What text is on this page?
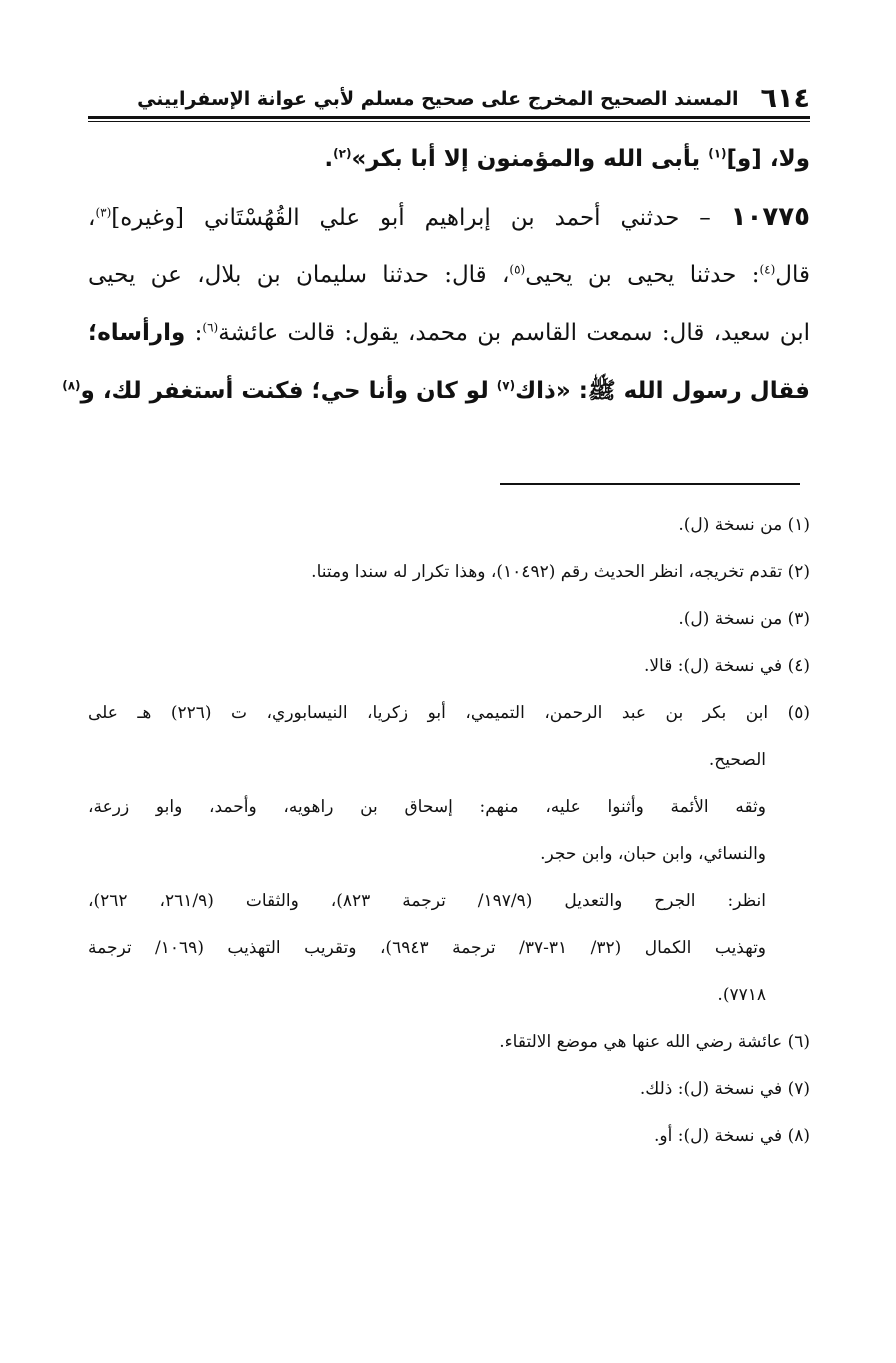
٦١٤
المسند الصحيح المخرج على صحيح مسلم لأبي عوانة الإسفراييني
ولا، [و]$^{(١)}$ يأبى الله والمؤمنون إلا أبا بكر»$^{(٢)}$.
١٠٧٧٥ – حدثني أحمد بن إبراهيم أبو علي القُهُسْتَاني [وغيره]$^{(٣)}$،
قال$^{(٤)}$: حدثنا يحيى بن يحيى$^{(٥)}$، قال: حدثنا سليمان بن بلال، عن يحيى
ابن سعيد، قال: سمعت القاسم بن محمد، يقول: قالت عائشة$^{(٦)}$: وارأساه؛
فقال رسول الله ﷺ: «ذاك$^{(٧)}$ لو كان وأنا حي؛ فكنت أستغفر لك، و$^{(٨)}$
(١) من نسخة (ل).
(٢) تقدم تخريجه، انظر الحديث رقم (١٠٤٩٢)، وهذا تكرار له سندا ومتنا.
(٣) من نسخة (ل).
(٤) في نسخة (ل): قالا.
(٥) ابن بكر بن عبد الرحمن، التميمي، أبو زكريا، النيسابوري، ت (٢٢٦) هـ على
الصحيح.
وثقه الأئمة وأثنوا عليه، منهم: إسحاق بن راهويه، وأحمد، وابو زرعة،
والنسائي، وابن حبان، وابن حجر.
انظر: الجرح والتعديل (١٩٧/٩/ ترجمة ٨٢٣)، والثقات (٢٦١/٩، ٢٦٢)،
وتهذيب الكمال (٣٢/ ٣١-٣٧/ ترجمة ٦٩٤٣)، وتقريب التهذيب (١٠٦٩/ ترجمة
٧٧١٨).
(٦) عائشة رضي الله عنها هي موضع الالتقاء.
(٧) في نسخة (ل): ذلك.
(٨) في نسخة (ل): أو.
